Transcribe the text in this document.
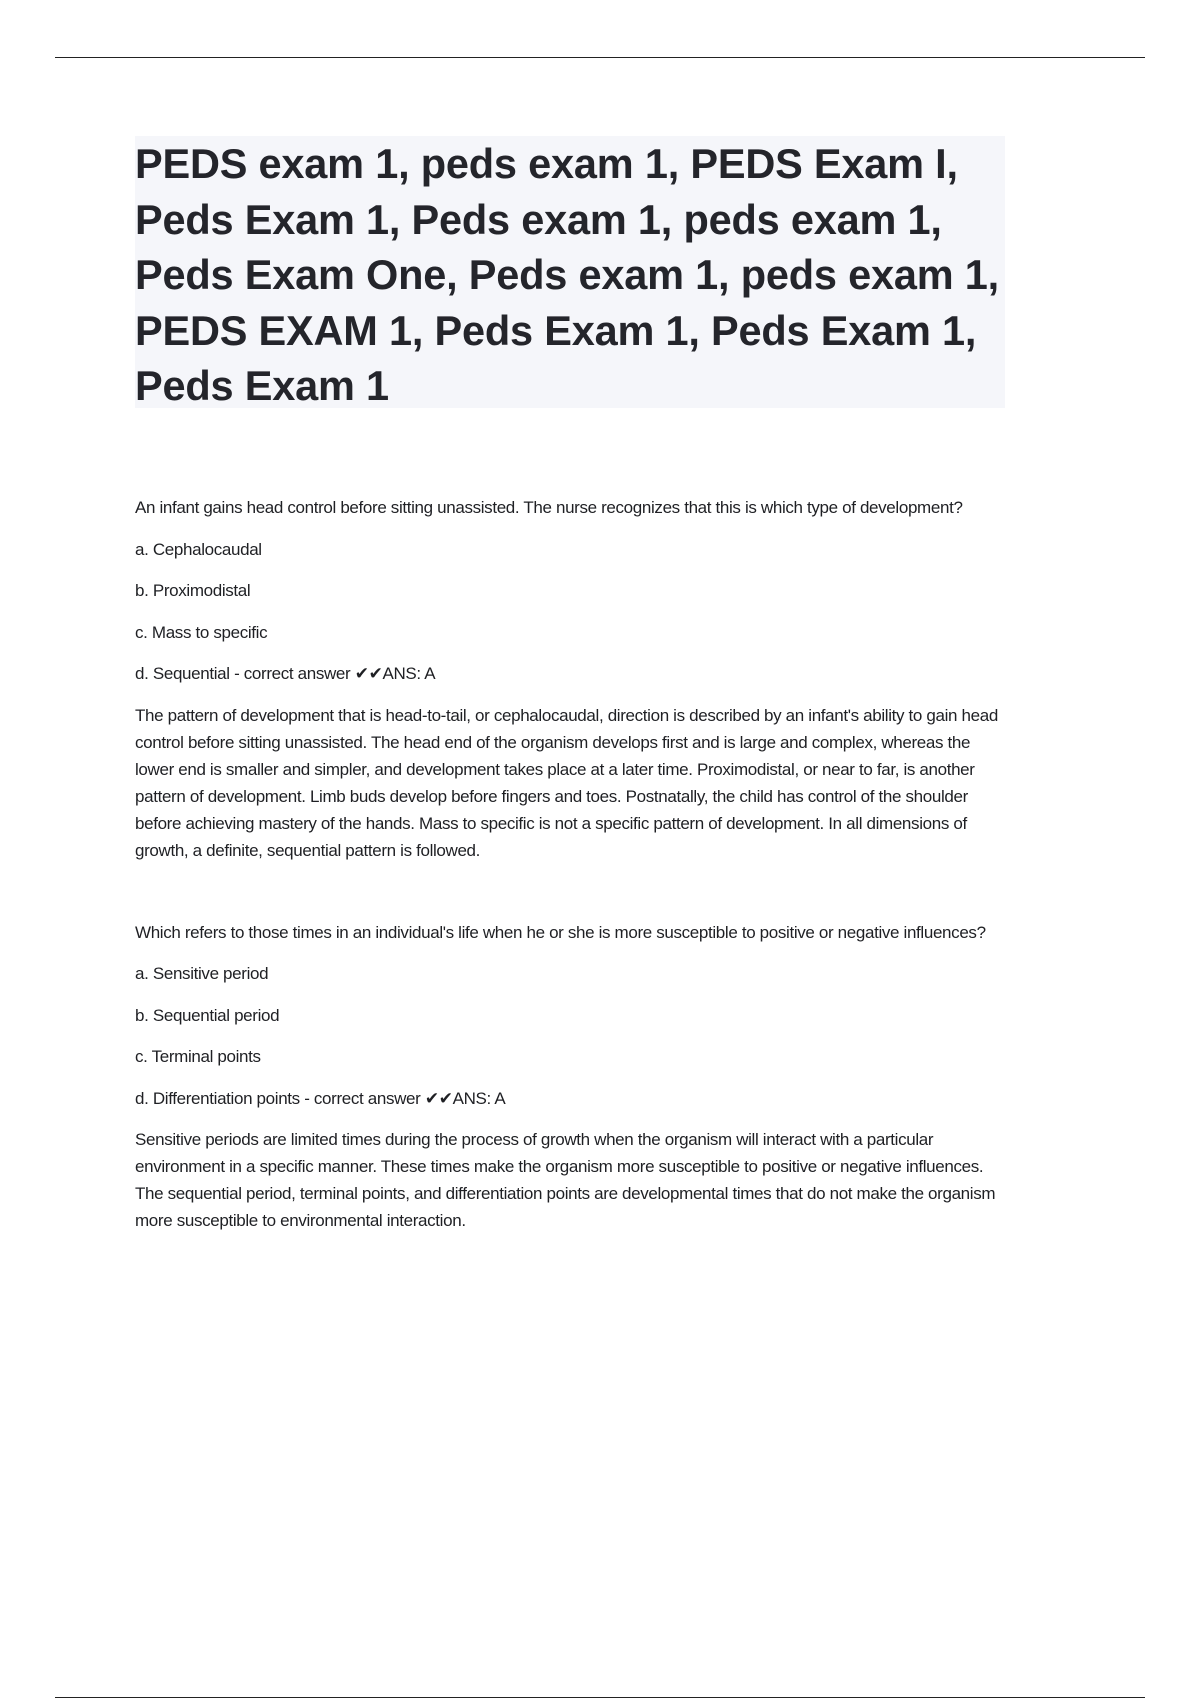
PEDS exam 1, peds exam 1, PEDS Exam I, Peds Exam 1, Peds exam 1, peds exam 1, Peds Exam One, Peds exam 1, peds exam 1, PEDS EXAM 1, Peds Exam 1, Peds Exam 1, Peds Exam 1

An infant gains head control before sitting unassisted. The nurse recognizes that this is which type of development?

a. Cephalocaudal

b. Proximodistal

c. Mass to specific

d. Sequential - correct answer ✔✔ANS: A

The pattern of development that is head-to-tail, or cephalocaudal, direction is described by an infant's ability to gain head control before sitting unassisted. The head end of the organism develops first and is large and complex, whereas the lower end is smaller and simpler, and development takes place at a later time. Proximodistal, or near to far, is another pattern of development. Limb buds develop before fingers and toes. Postnatally, the child has control of the shoulder before achieving mastery of the hands. Mass to specific is not a specific pattern of development. In all dimensions of growth, a definite, sequential pattern is followed.

Which refers to those times in an individual's life when he or she is more susceptible to positive or negative influences?

a. Sensitive period

b. Sequential period

c. Terminal points

d. Differentiation points - correct answer ✔✔ANS: A

Sensitive periods are limited times during the process of growth when the organism will interact with a particular environment in a specific manner. These times make the organism more susceptible to positive or negative influences. The sequential period, terminal points, and differentiation points are developmental times that do not make the organism more susceptible to environmental interaction.
